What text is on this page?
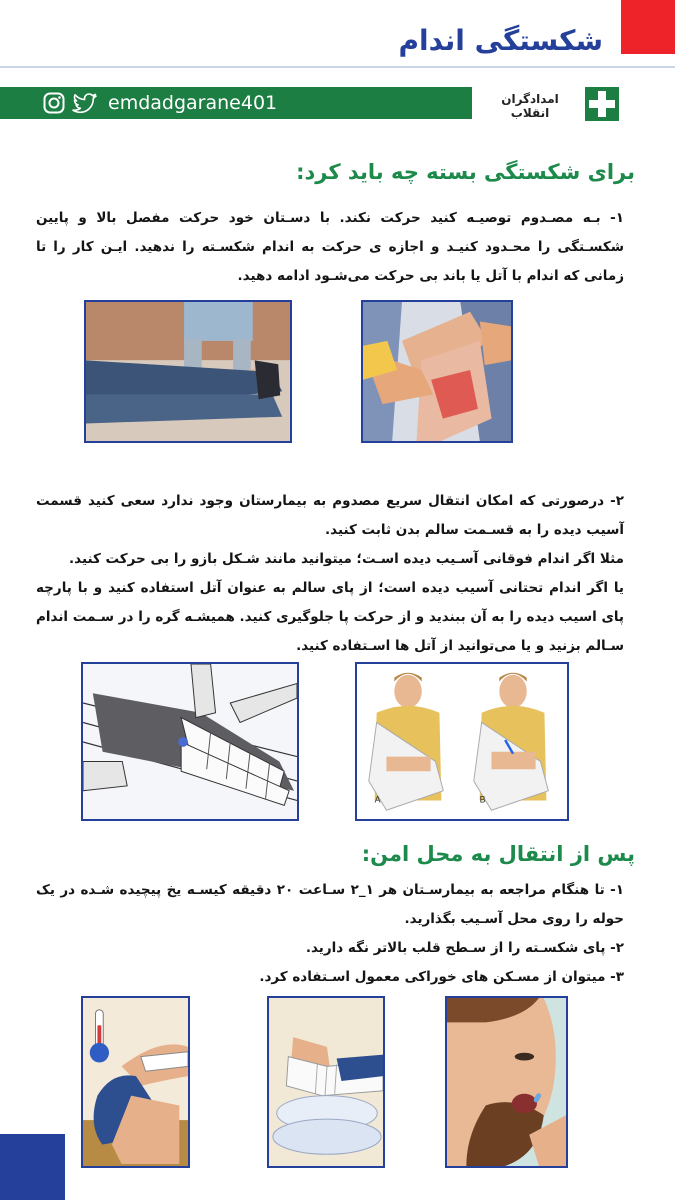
شکستگی اندام
emdadgarane401	امدادگران انقلاب
برای شکستگی بسته چه باید کرد:

۱- بـه مصـدوم توصیـه کنید حرکت نکند. با دسـتان خود حرکت مفصل بالا و پایین شکسـتگی را محـدود کنیـد و اجازه ی حرکت به اندام شکسـته را ندهید. ایـن کار را تا زمانی که اندام با آتل یا باند بی حرکت می‌شـود ادامه دهید.

۲- درصورتی که امکان انتقال سریع مصدوم به بیمارستان وجود ندارد سعی کنید قسمت آسیب دیده را به قسـمت سالم بدن ثابت کنید.

مثلا اگر اندام فوقانی آسـیب دیده اسـت؛ میتوانید مانند شـکل بازو را بی حرکت کنید.

یا اگر اندام تحتانی آسیب دیده است؛ از پای سالم به عنوان آتل استفاده کنید و با پارچه پای اسیب دیده را به آن ببندید و از حرکت پا جلوگیری کنید. همیشـه گره را در سـمت اندام سـالم بزنید و یا می‌توانید از آتل ها اسـتفاده کنید.

A	B
پس از انتقال به محل امن:

۱- تا هنگام مراجعه به بیمارسـتان هر ۱_۲ سـاعت ۲۰ دقیقه کیسـه یخ پیچیده شـده در یک حوله را روی محل آسـیب بگذارید.

۲- پای شکسـته را از سـطح قلب بالاتر نگه دارید.

۳- میتوان از مسـکن های خوراکی معمول اسـتفاده کرد.
